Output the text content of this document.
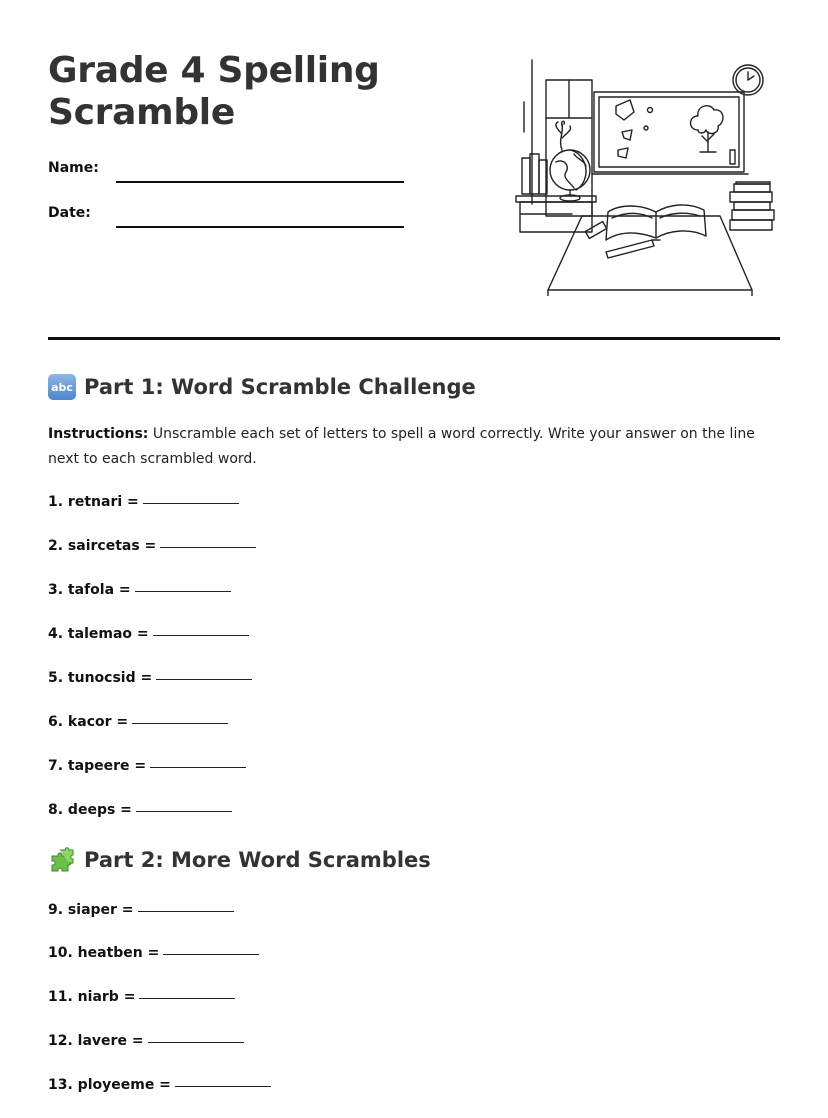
Grade 4 Spelling Scramble
Name:
Date:
abc Part 1: Word Scramble Challenge
Instructions: Unscramble each set of letters to spell a word correctly. Write your answer on the line next to each scrambled word.
1. retnari =
2. saircetas =
3. tafola =
4. talemao =
5. tunocsid =
6. kacor =
7. tapeere =
8. deeps =
Part 2: More Word Scrambles
9. siaper =
10. heatben =
11. niarb =
12. lavere =
13. ployeeme =
